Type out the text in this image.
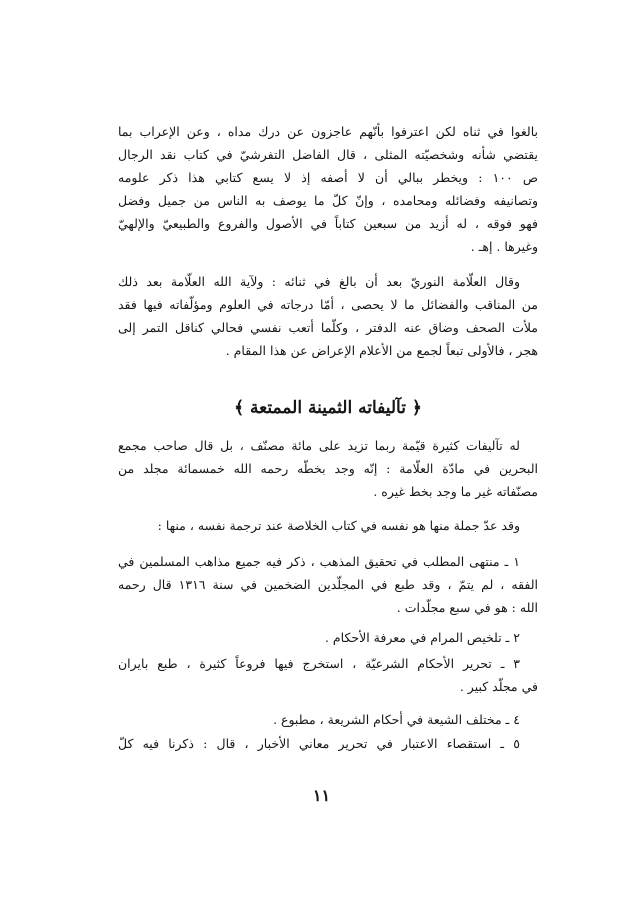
بالغوا في ثناه لكن اعترفوا بأنّهم عاجزون عن درك مداه ، وعن الإعراب بما
يقتضي شأنه وشخصيّته المثلى ، قال الفاضل التفرشيّ في كتاب نقد الرجال
ص ١٠٠ : ويخطر ببالي أن لا أصفه إذ لا يسع كتابي هذا ذكر علومه
وتصانيفه وفضائله ومحامده ، وإنّ كلّ ما يوصف به الناس من جميل وفضل
فهو فوقه ، له أزيد من سبعين كتاباً في الأصول والفروع والطبيعيّ والإلهيّ
وغيرها . إهـ .
وقال العلّامة النوريّ بعد أن بالغ في ثنائه : ولآية الله العلّامة بعد ذلك
من المناقب والفضائل ما لا يحصى ، أمّا درجاته في العلوم ومؤلّفاته فيها فقد
ملأت الصحف وضاق عنه الدفتر ، وكلّما أتعب نفسي فحالي كناقل التمر إلى
هجر ، فالأولى تبعاً لجمع من الأعلام الإعراض عن هذا المقام .
﴿ تآليفاته الثمينة الممتعة ﴾
له تآليفات كثيرة قيّمة ربما تزيد على مائة مصنّف ، بل قال صاحب مجمع
البحرين في مادّة العلّامة : إنّه وجد بخطّه رحمه الله خمسمائة مجلد من
مصنّفاته غير ما وجد بخط غيره .
وقد عدّ جملة منها هو نفسه في كتاب الخلاصة عند ترجمة نفسه ، منها :
١ ـ منتهى المطلب في تحقيق المذهب ، ذكر فيه جميع مذاهب المسلمين في
الفقه ، لم يتمّ ، وقد طبع في المجلّدين الضخمين في سنة ١٣١٦ قال رحمه
الله : هو في سبع مجلّدات .
٢ ـ تلخيص المرام في معرفة الأحكام .
٣ ـ تحرير الأحكام الشرعيّة ، استخرج فيها فروعاً كثيرة ، طبع بايران
في مجلّد كبير .
٤ ـ مختلف الشيعة في أحكام الشريعة ، مطبوع .
٥ ـ استقصاء الاعتبار في تحرير معاني الأخبار ، قال : ذكرنا فيه كلّ
١١
